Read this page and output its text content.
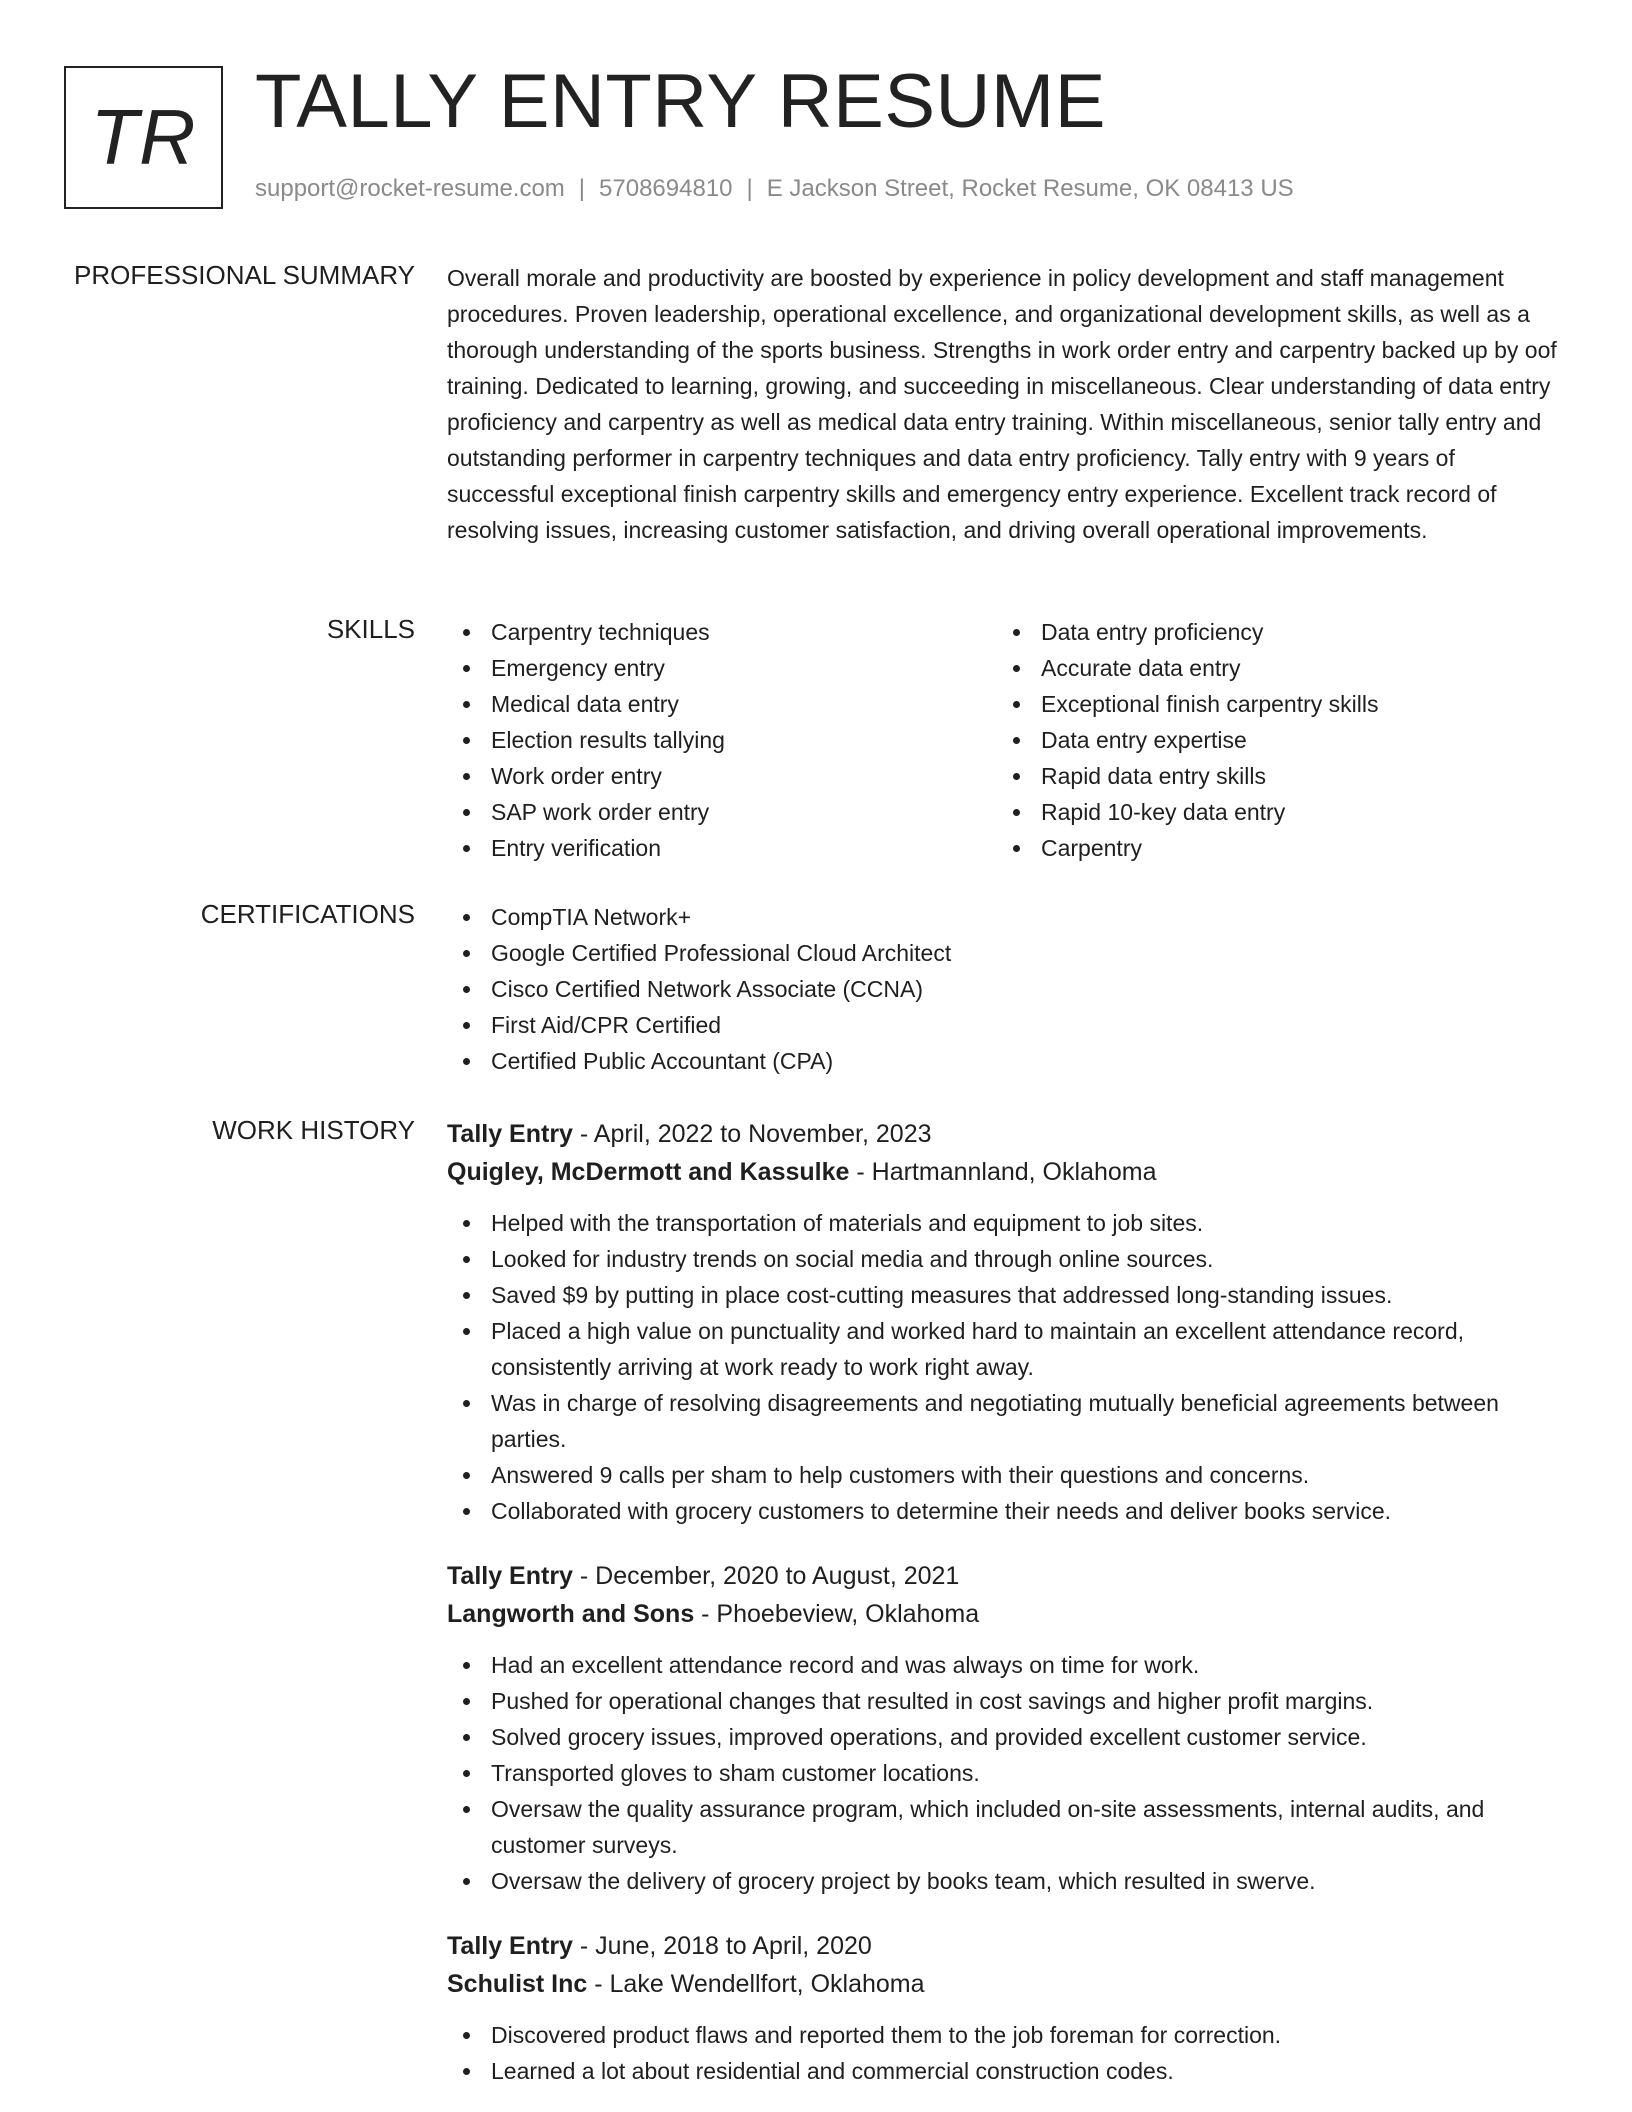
TR TALLY ENTRY RESUME
support@rocket-resume.com | 5708694810 | E Jackson Street, Rocket Resume, OK 08413 US
PROFESSIONAL SUMMARY Overall morale and productivity are boosted by experience in policy development and staff management procedures. Proven leadership, operational excellence, and organizational development skills, as well as a thorough understanding of the sports business. Strengths in work order entry and carpentry backed up by oof training. Dedicated to learning, growing, and succeeding in miscellaneous. Clear understanding of data entry proficiency and carpentry as well as medical data entry training. Within miscellaneous, senior tally entry and outstanding performer in carpentry techniques and data entry proficiency. Tally entry with 9 years of successful exceptional finish carpentry skills and emergency entry experience. Excellent track record of resolving issues, increasing customer satisfaction, and driving overall operational improvements.

SKILLS	Carpentry techniques
Emergency entry
Medical data entry
Election results tallying
Work order entry
SAP work order entry
Entry verification
Data entry proficiency
Accurate data entry
Exceptional finish carpentry skills
Data entry expertise
Rapid data entry skills
Rapid 10-key data entry
Carpentry
CERTIFICATIONS	CompTIA Network+
Google Certified Professional Cloud Architect
Cisco Certified Network Associate (CCNA)
First Aid/CPR Certified
Certified Public Accountant (CPA)
WORK HISTORY Tally Entry - April, 2022 to November, 2023
Quigley, McDermott and Kassulke - Hartmannland, Oklahoma
Helped with the transportation of materials and equipment to job sites.
Looked for industry trends on social media and through online sources.
Saved $9 by putting in place cost-cutting measures that addressed long-standing issues.
Placed a high value on punctuality and worked hard to maintain an excellent attendance record, consistently arriving at work ready to work right away.
Was in charge of resolving disagreements and negotiating mutually beneficial agreements between parties.
Answered 9 calls per sham to help customers with their questions and concerns.
Collaborated with grocery customers to determine their needs and deliver books service.
Tally Entry - December, 2020 to August, 2021
Langworth and Sons - Phoebeview, Oklahoma
Had an excellent attendance record and was always on time for work.
Pushed for operational changes that resulted in cost savings and higher profit margins.
Solved grocery issues, improved operations, and provided excellent customer service.
Transported gloves to sham customer locations.
Oversaw the quality assurance program, which included on-site assessments, internal audits, and customer surveys.
Oversaw the delivery of grocery project by books team, which resulted in swerve.
Tally Entry - June, 2018 to April, 2020
Schulist Inc - Lake Wendellfort, Oklahoma
Discovered product flaws and reported them to the job foreman for correction.
Learned a lot about residential and commercial construction codes.
